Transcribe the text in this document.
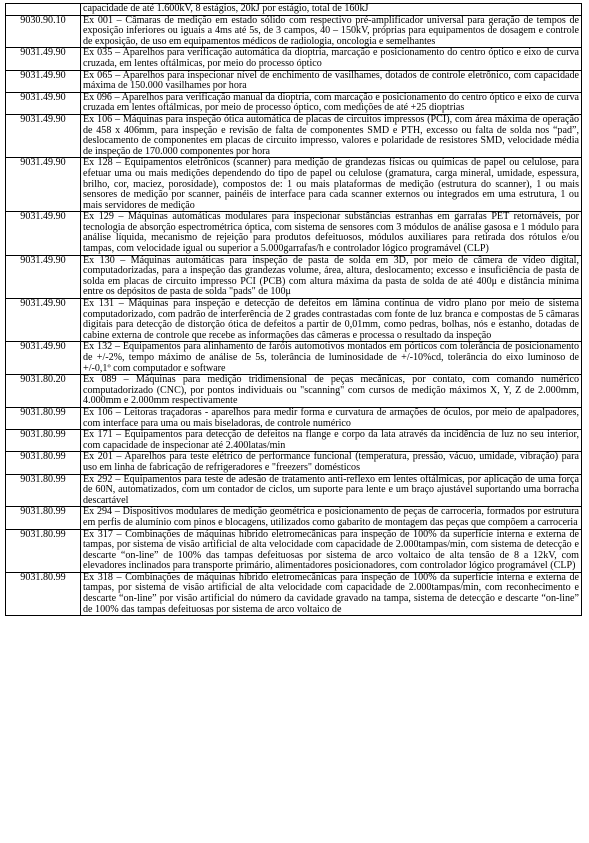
	capacidade de até 1.600kV, 8 estágios, 20kJ por estágio, total de 160kJ
9030.90.10	Ex 001 – Câmaras de medição em estado sólido com respectivo pré-amplificador universal para geração de tempos de exposição inferiores ou iguais a 4ms até 5s, de 3 campos, 40 – 150kV, próprias para equipamentos de dosagem e controle de exposição, de uso em equipamentos médicos de radiologia, oncologia e semelhantes
9031.49.90	Ex 035 – Aparelhos para verificação automática da dioptria, marcação e posicionamento do centro óptico e eixo de curva cruzada, em lentes oftálmicas, por meio do processo óptico
9031.49.90	Ex 065 – Aparelhos para inspecionar nível de enchimento de vasilhames, dotados de controle eletrônico, com capacidade máxima de 150.000 vasilhames por hora
9031.49.90	Ex 096 – Aparelhos para verificação manual da dioptria, com marcação e posicionamento do centro óptico e eixo de curva cruzada em lentes oftálmicas, por meio de processo óptico, com medições de até +25 dioptrias
9031.49.90	Ex 106 – Máquinas para inspeção ótica automática de placas de circuitos impressos (PCI), com área máxima de operação de 458 x 406mm, para inspeção e revisão de falta de componentes SMD e PTH, excesso ou falta de solda nos “pad”, deslocamento de componentes em placas de circuito impresso, valores e polaridade de resistores SMD, velocidade média de inspeção de 170.000 componentes por hora
9031.49.90	Ex 128 – Equipamentos eletrônicos (scanner) para medição de grandezas físicas ou químicas de papel ou celulose, para efetuar uma ou mais medições dependendo do tipo de papel ou celulose (gramatura, carga mineral, umidade, espessura, brilho, cor, maciez, porosidade), compostos de: 1 ou mais plataformas de medição (estrutura do scanner), 1 ou mais sensores de medição por scanner, painéis de interface para cada scanner externos ou integrados em uma estrutura, 1 ou mais servidores de medição
9031.49.90	Ex 129 – Máquinas automáticas modulares para inspecionar substâncias estranhas em garrafas PET retornáveis, por tecnologia de absorção espectrométrica óptica, com sistema de sensores com 3 módulos de análise gasosa e 1 módulo para análise líquida, mecanismo de rejeição para produtos defeituosos, módulos auxiliares para retirada dos rótulos e/ou tampas, com velocidade igual ou superior a 5.000garrafas/h e controlador lógico programável (CLP)
9031.49.90	Ex 130 – Máquinas automáticas para inspeção de pasta de solda em 3D, por meio de câmera de vídeo digital, computadorizadas, para a inspeção das grandezas volume, área, altura, deslocamento; excesso e insuficiência de pasta de solda em placas de circuito impresso PCI (PCB) com altura máxima da pasta de solda de até 400μ e distância mínima entre os depósitos de pasta de solda "pads" de 100μ
9031.49.90	Ex 131 – Máquinas para inspeção e detecção de defeitos em lâmina contínua de vidro plano por meio de sistema computadorizado, com padrão de interferência de 2 grades contrastadas com fonte de luz branca e compostas de 5 câmaras digitais para detecção de distorção ótica de defeitos a partir de 0,01mm, como pedras, bolhas, nós e estanho, dotadas de cabine externa de controle que recebe as informações das câmeras e processa o resultado da inspeção
9031.49.90	Ex 132 – Equipamentos para alinhamento de faróis automotivos montados em pórticos com tolerância de posicionamento de +/-2%, tempo máximo de análise de 5s, tolerância de luminosidade de +/-10%cd, tolerância do eixo luminoso de +/-0,1º com computador e software
9031.80.20	Ex 089 – Máquinas para medição tridimensional de peças mecânicas, por contato, com comando numérico computadorizado (CNC), por pontos individuais ou "scanning" com cursos de medição máximos X, Y, Z de 2.000mm, 4.000mm e 2.000mm respectivamente
9031.80.99	Ex 106 – Leitoras traçadoras - aparelhos para medir forma e curvatura de armações de óculos, por meio de apalpadores, com interface para uma ou mais biseladoras, de controle numérico
9031.80.99	Ex 171 – Equipamentos para detecção de defeitos na flange e corpo da lata através da incidência de luz no seu interior, com capacidade de inspecionar até 2.400latas/min
9031.80.99	Ex 201 – Aparelhos para teste elétrico de performance funcional (temperatura, pressão, vácuo, umidade, vibração) para uso em linha de fabricação de refrigeradores e "freezers" domésticos
9031.80.99	Ex 292 – Equipamentos para teste de adesão de tratamento anti-reflexo em lentes oftálmicas, por aplicação de uma força de 60N, automatizados, com um contador de ciclos, um suporte para lente e um braço ajustável suportando uma borracha descartável
9031.80.99	Ex 294 – Dispositivos modulares de medição geométrica e posicionamento de peças de carroceria, formados por estrutura em perfis de alumínio com pinos e blocagens, utilizados como gabarito de montagem das peças que compõem a carroceria
9031.80.99	Ex 317 – Combinações de máquinas híbrido eletromecânicas para inspeção de 100% da superfície interna e externa de tampas, por sistema de visão artificial de alta velocidade com capacidade de 2.000tampas/min, com sistema de detecção e descarte “on-line” de 100% das tampas defeituosas por sistema de arco voltaico de alta tensão de 8 a 12kV, com elevadores inclinados para transporte primário, alimentadores posicionadores, com controlador lógico programável (CLP)
9031.80.99	Ex 318 – Combinações de máquinas híbrido eletromecânicas para inspeção de 100% da superfície interna e externa de tampas, por sistema de visão artificial de alta velocidade com capacidade de 2.000tampas/min, com reconhecimento e descarte “on-line” por visão artificial do número da cavidade gravado na tampa, sistema de detecção e descarte “on-line” de 100% das tampas defeituosas por sistema de arco voltaico de
